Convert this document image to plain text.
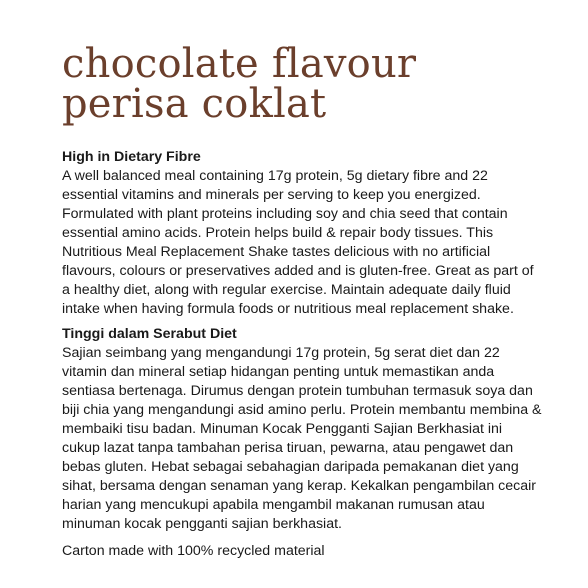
chocolate flavour
perisa coklat

High in Dietary Fibre

A well balanced meal containing 17g protein, 5g dietary fibre and 22 essential vitamins and minerals per serving to keep you energized. Formulated with plant proteins including soy and chia seed that contain essential amino acids. Protein helps build & repair body tissues. This Nutritious Meal Replacement Shake tastes delicious with no artificial flavours, colours or preservatives added and is gluten-free. Great as part of a healthy diet, along with regular exercise. Maintain adequate daily fluid intake when having formula foods or nutritious meal replacement shake.

Tinggi dalam Serabut Diet

Sajian seimbang yang mengandungi 17g protein, 5g serat diet dan 22 vitamin dan mineral setiap hidangan penting untuk memastikan anda sentiasa bertenaga. Dirumus dengan protein tumbuhan termasuk soya dan biji chia yang mengandungi asid amino perlu. Protein membantu membina & membaiki tisu badan. Minuman Kocak Pengganti Sajian Berkhasiat ini cukup lazat tanpa tambahan perisa tiruan, pewarna, atau pengawet dan bebas gluten. Hebat sebagai sebahagian daripada pemakanan diet yang sihat, bersama dengan senaman yang kerap. Kekalkan pengambilan cecair harian yang mencukupi apabila mengambil makanan rumusan atau minuman kocak pengganti sajian berkhasiat.

Carton made with 100% recycled material
